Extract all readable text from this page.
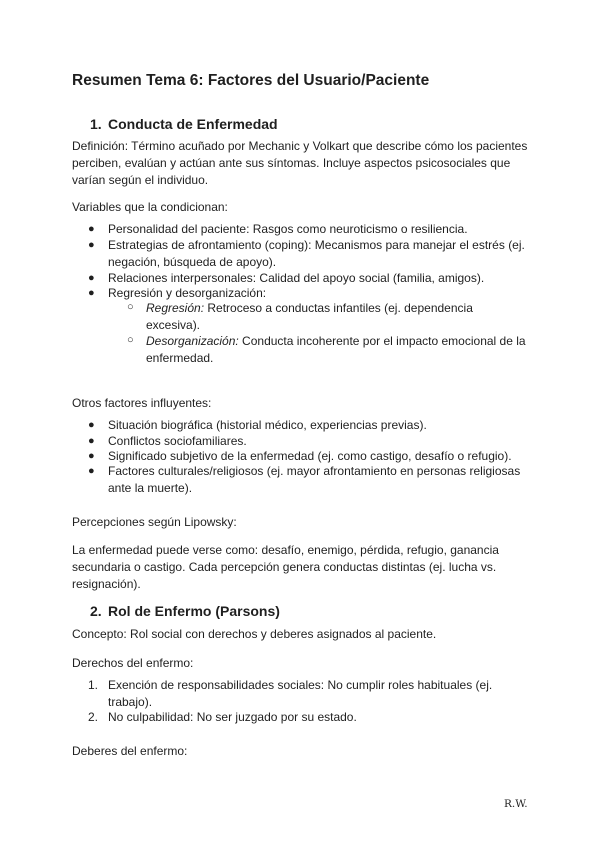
Resumen Tema 6: Factores del Usuario/Paciente
1. Conducta de Enfermedad

Definición: Término acuñado por Mechanic y Volkart que describe cómo los pacientes perciben, evalúan y actúan ante sus síntomas. Incluye aspectos psicosociales que varían según el individuo.

Variables que la condicionan:

● Personalidad del paciente: Rasgos como neuroticismo o resiliencia.

● Estrategias de afrontamiento (coping): Mecanismos para manejar el estrés (ej. negación, búsqueda de apoyo).

● Relaciones interpersonales: Calidad del apoyo social (familia, amigos).

● Regresión y desorganización:

○ Regresión: Retroceso a conductas infantiles (ej. dependencia excesiva).

○ Desorganización: Conducta incoherente por el impacto emocional de la enfermedad.

Otros factores influyentes:

● Situación biográfica (historial médico, experiencias previas).

● Conflictos sociofamiliares.

● Significado subjetivo de la enfermedad (ej. como castigo, desafío o refugio).

● Factores culturales/religiosos (ej. mayor afrontamiento en personas religiosas ante la muerte).

Percepciones según Lipowsky:

La enfermedad puede verse como: desafío, enemigo, pérdida, refugio, ganancia secundaria o castigo. Cada percepción genera conductas distintas (ej. lucha vs. resignación).

2. Rol de Enfermo (Parsons)

Concepto: Rol social con derechos y deberes asignados al paciente.

Derechos del enfermo:

1. Exención de responsabilidades sociales: No cumplir roles habituales (ej. trabajo).

2. No culpabilidad: No ser juzgado por su estado.

Deberes del enfermo:

R.W.
